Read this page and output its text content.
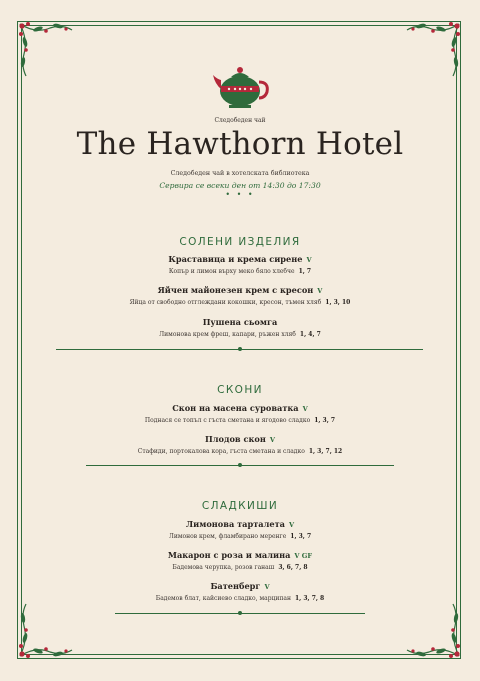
Следобеден чай
The Hawthorn Hotel
Следобеден чай в хотелската библиотека
Сервира се всеки ден от 14:30 до 17:30
• • •
СОЛЕНИ ИЗДЕЛИЯ
Краставица и крема сирене V
Копър и лимон върху меко бяло хлебче 1, 7
Яйчен майонезен крем с кресон V
Яйца от свободно отглеждани кокошки, кресон, тъмен хляб 1, 3, 10
Пушена сьомга
Лимонова крем фреш, капари, ръжен хляб 1, 4, 7
СКОНИ
Скон на масена суроватка V
Поднася се топъл с гъста сметана и ягодово сладко 1, 3, 7
Плодов скон V
Стафиди, портокалова кора, гъста сметана и сладко 1, 3, 7, 12
СЛАДКИШИ
Лимонова тарталета V
Лимонов крем, фламбирано меренге 1, 3, 7
Макарон с роза и малина V GF
Бадемова черупка, розов ганаш 3, 6, 7, 8
Батенберг V
Бадемов блат, кайсиево сладко, марципан 1, 3, 7, 8
